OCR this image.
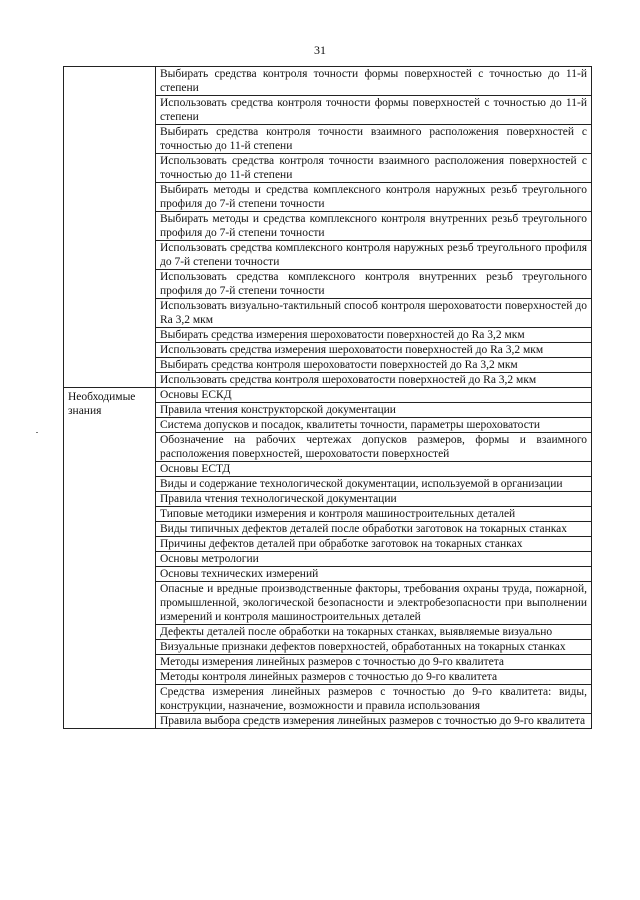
31

	Выбирать средства контроля точности формы поверхностей с точностью до 11-й степени

	Использовать средства контроля точности формы поверхностей с точностью до 11-й степени

	Выбирать средства контроля точности взаимного расположения поверхностей с точностью до 11-й степени

	Использовать средства контроля точности взаимного расположения поверхностей с точностью до 11-й степени

	Выбирать методы и средства комплексного контроля наружных резьб треугольного профиля до 7-й степени точности

	Выбирать методы и средства комплексного контроля внутренних резьб треугольного профиля до 7-й степени точности

	Использовать средства комплексного контроля наружных резьб треугольного профиля до 7-й степени точности

	Использовать средства комплексного контроля внутренних резьб треугольного профиля до 7-й степени точности

	Использовать визуально-тактильный способ контроля шероховатости поверхностей до Ra 3,2 мкм

	Выбирать средства измерения шероховатости поверхностей до Ra 3,2 мкм

	Использовать средства измерения шероховатости поверхностей до Ra 3,2 мкм

	Выбирать средства контроля шероховатости поверхностей до Ra 3,2 мкм

	Использовать средства контроля шероховатости поверхностей до Ra 3,2 мкм

Необходимые знания	Основы ЕСКД

	Правила чтения конструкторской документации

	Система допусков и посадок, квалитеты точности, параметры шероховатости

	Обозначение на рабочих чертежах допусков размеров, формы и взаимного расположения поверхностей, шероховатости поверхностей

	Основы ЕСТД

	Виды и содержание технологической документации, используемой в организации

	Правила чтения технологической документации

	Типовые методики измерения и контроля машиностроительных деталей

	Виды типичных дефектов деталей после обработки заготовок на токарных станках

	Причины дефектов деталей при обработке заготовок на токарных станках

	Основы метрологии

	Основы технических измерений

	Опасные и вредные производственные факторы, требования охраны труда, пожарной, промышленной, экологической безопасности и электробезопасности при выполнении измерений и контроля машиностроительных деталей

	Дефекты деталей после обработки на токарных станках, выявляемые визуально

	Визуальные признаки дефектов поверхностей, обработанных на токарных станках

	Методы измерения линейных размеров с точностью до 9-го квалитета

	Методы контроля линейных размеров с точностью до 9-го квалитета

	Средства измерения линейных размеров с точностью до 9-го квалитета: виды, конструкции, назначение, возможности и правила использования

	Правила выбора средств измерения линейных размеров с точностью до 9-го квалитета
